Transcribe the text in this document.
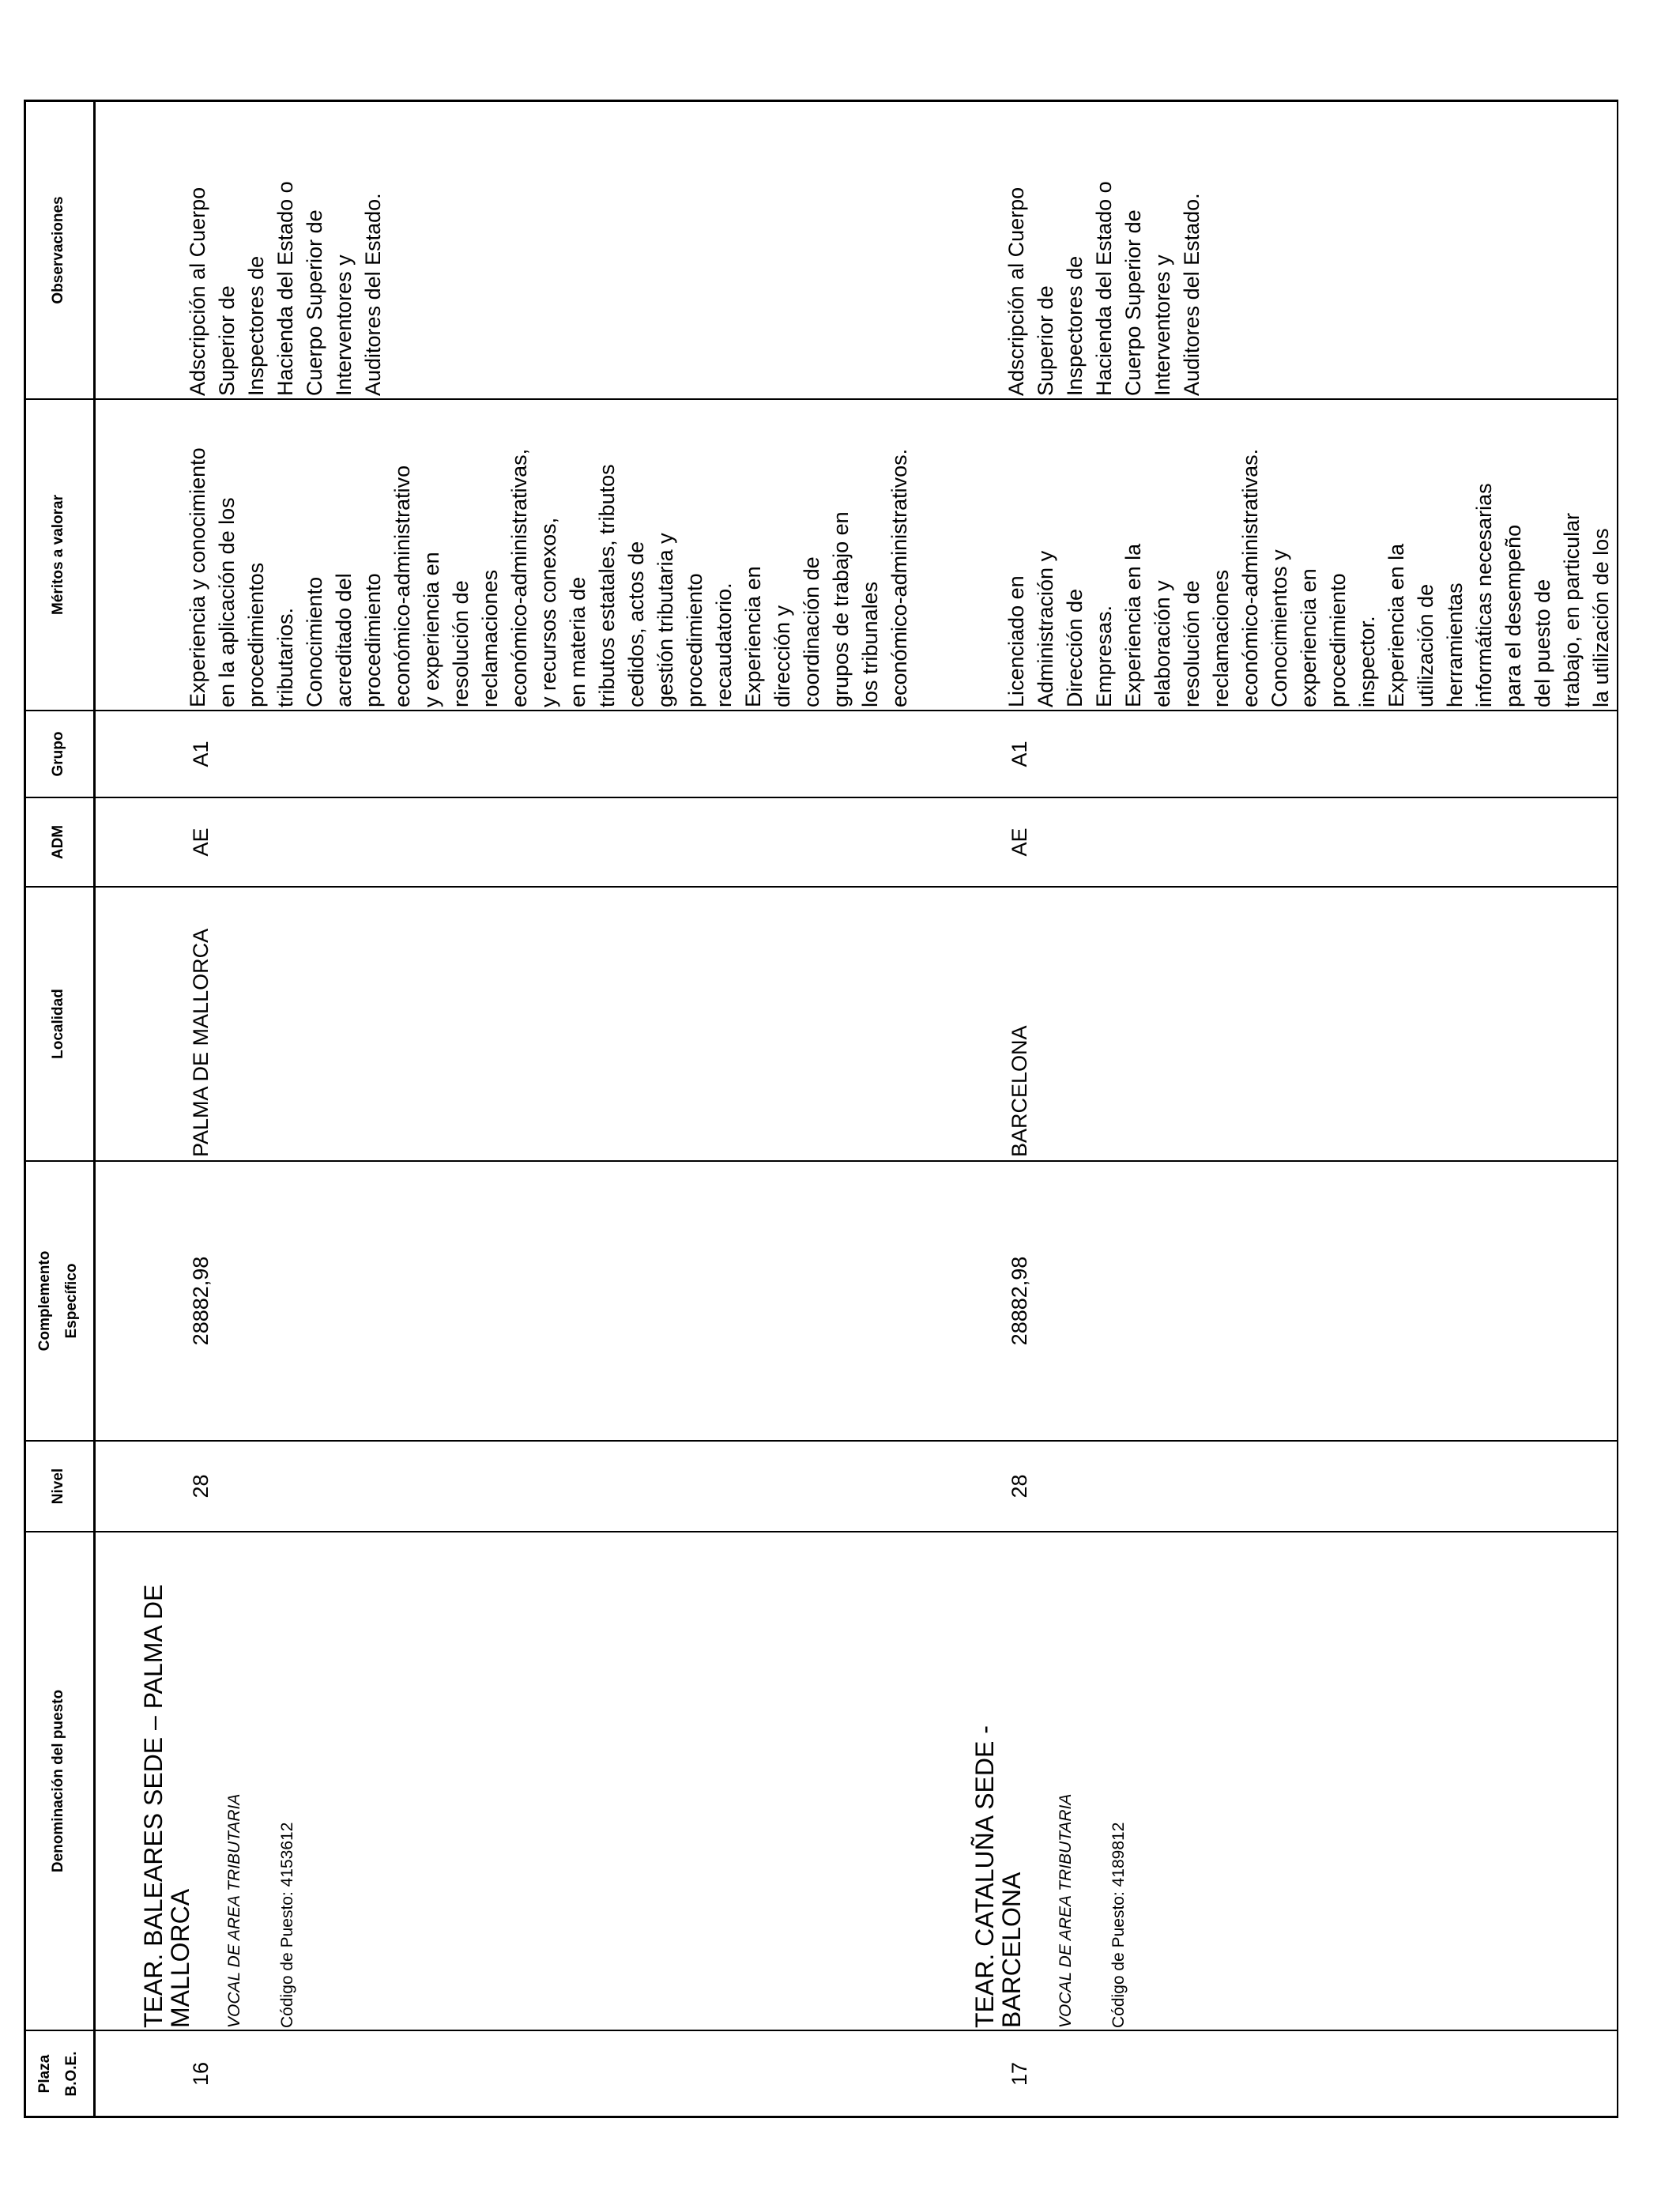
Plaza
B.O.E.
Denominación del puesto
Nivel
Complemento
Específico
Localidad
ADM
Grupo
Méritos a valorar
Observaciones
16

TEAR. BALEARES SEDE – PALMA DE
MALLORCA VOCAL DE AREA TRIBUTARIA Código de Puesto: 4153612

28
28882,98
PALMA DE MALLORCA
AE
A1
Experiencia y conocimiento
en la aplicación de los
procedimientos
tributarios.
Conocimiento
acreditado del
procedimiento
económico-administrativo
y experiencia en
resolución de
reclamaciones
económico-administrativas,
y recursos conexos,
en materia de
tributos estatales, tributos
cedidos, actos de
gestión tributaria y
procedimiento
recaudatorio.
Experiencia en
dirección y
coordinación de
grupos de trabajo en
los tribunales
económico-administrativos.
Adscripción al Cuerpo
Superior de
Inspectores de
Hacienda del Estado o
Cuerpo Superior de
Interventores y
Auditores del Estado.
17

TEAR. CATALUÑA SEDE -
BARCELONA VOCAL DE AREA TRIBUTARIA Código de Puesto: 4189812

28
28882,98
BARCELONA
AE
A1
Licenciado en
Administración y
Dirección de
Empresas.
Experiencia en la
elaboración y
resolución de
reclamaciones
económico-administrativas.
Conocimientos y
experiencia en
procedimiento
inspector.
Experiencia en la
utilización de
herramientas
informáticas necesarias
para el desempeño
del puesto de
trabajo, en particular
la utilización de los
Adscripción al Cuerpo
Superior de
Inspectores de
Hacienda del Estado o
Cuerpo Superior de
Interventores y
Auditores del Estado.
